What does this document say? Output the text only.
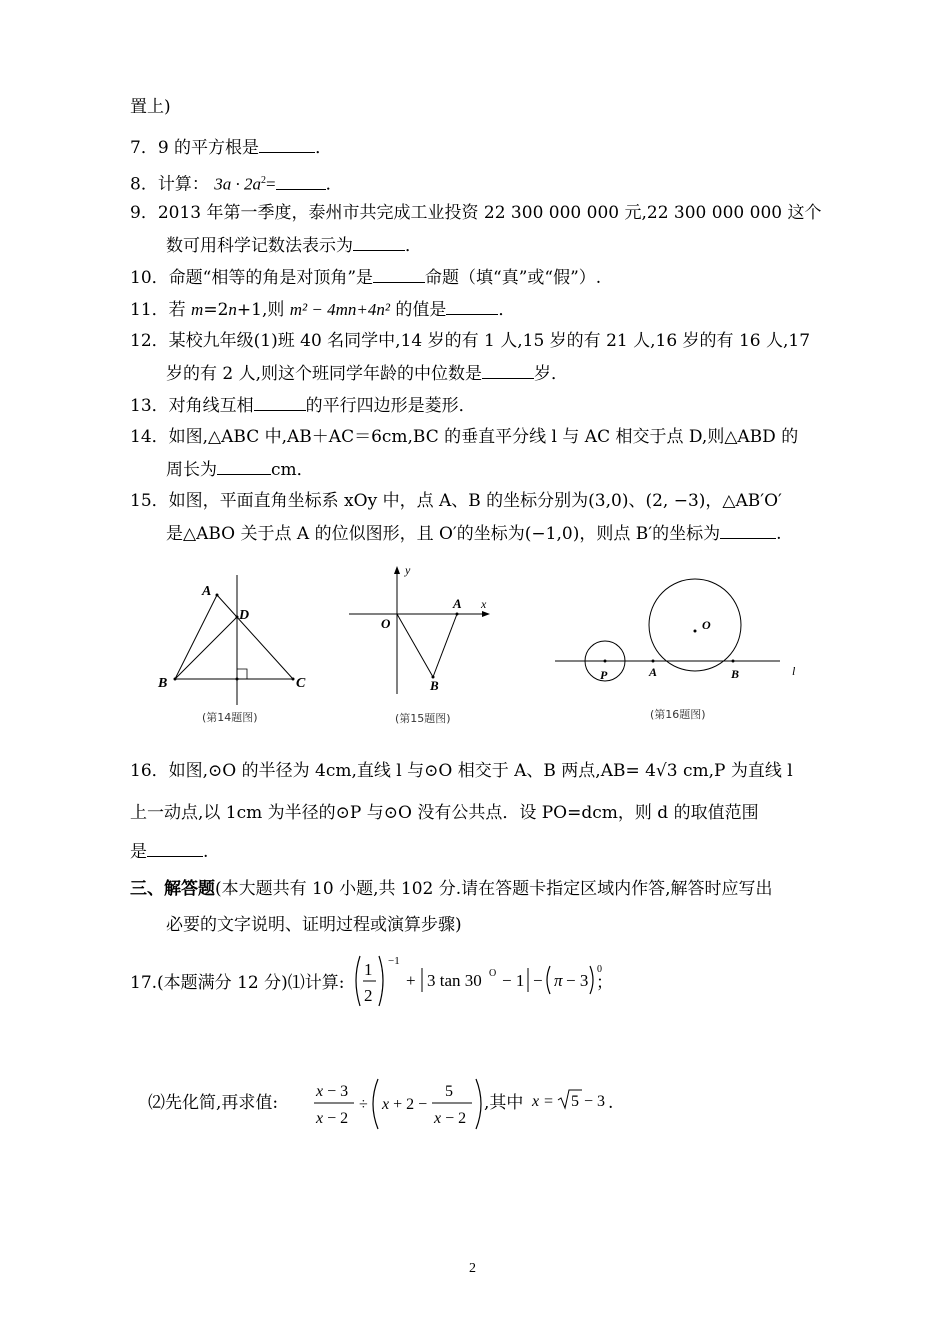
置上)
7．9 的平方根是	．
8．计算： $3a \cdot 2a^2=$	．
9．2013 年第一季度，泰州市共完成工业投资 22 300 000 000 元,22 300 000 000 这个
数可用科学记数法表示为	．
10．命题“相等的角是对顶角”是	命题（填“真”或“假”）.
11．若 m=2n+1,则 m² − 4mn+4n² 的值是	．
12．某校九年级(1)班 40 名同学中,14 岁的有 1 人,15 岁的有 21 人,16 岁的有 16 人,17
岁的有 2 人,则这个班同学年龄的中位数是	岁．
13．对角线互相	的平行四边形是菱形．
14．如图,△ABC 中,AB＋AC＝6cm,BC 的垂直平分线 l 与 AC 相交于点 D,则△ABD 的
周长为	cm．
15．如图，平面直角坐标系 xOy 中，点 A、B 的坐标分别为(3,0)、(2, −3)，△AB′O′
是△ABO 关于点 A 的位似图形，且 O′的坐标为(−1,0)，则点 B′的坐标为	.
A
D
B	C
(第14题图)
y
x
O
A
B
(第15题图)
P	A	B
O
l
(第16题图)
16．如图,⊙O 的半径为 4cm,直线 l 与⊙O 相交于 A、B 两点,AB= 4√3 cm,P 为直线 l
上一动点,以 1cm 为半径的⊙P 与⊙O 没有公共点．设 PO=dcm，则 d 的取值范围
是	.
三、解答题(本大题共有 10 小题,共 102 分.请在答题卡指定区域内作答,解答时应写出
必要的文字说明、证明过程或演算步骤)
17.(本题满分 12 分)⑴计算:
1
2
−1
+ 3 tan 30 O − 1 − π − 3
0
；
⑵先化简,再求值:
x − 3
x − 2
÷ x + 2 −
5
x − 2
,其中 x = 5 − 3 .
2
